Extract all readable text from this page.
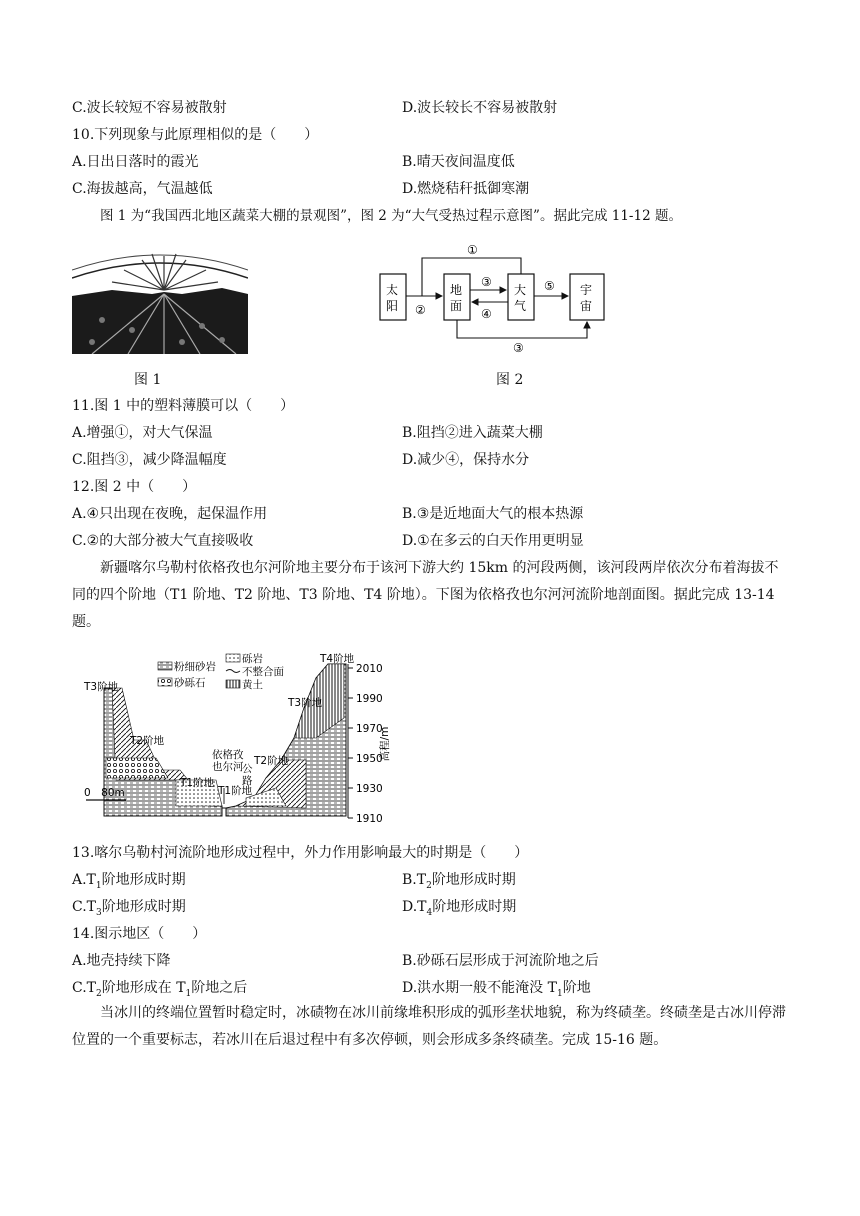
C.波长较短不容易被散射	D.波长较长不容易被散射
10.下列现象与此原理相似的是（　　）
A.日出日落时的霞光	B.晴天夜间温度低
C.海拔越高，气温越低	D.燃烧秸秆抵御寒潮
图 1 为“我国西北地区蔬菜大棚的景观图”，图 2 为“大气受热过程示意图”。据此完成 11-12 题。
图 1
太
阳
地
面
大
气
宇
宙
①
②
③
④
⑤
③
图 2
11.图 1 中的塑料薄膜可以（　　）
A.增强①，对大气保温	B.阻挡②进入蔬菜大棚
C.阻挡③，减少降温幅度	D.减少④，保持水分
12.图 2 中（　　）
A.④只出现在夜晚，起保温作用	B.③是近地面大气的根本热源
C.②的大部分被大气直接吸收	D.①在多云的白天作用更明显
新疆喀尔乌勒村依格孜也尔河阶地主要分布于该河下游大约 15km 的河段两侧，该河段两岸依次分布着海拔不同的四个阶地（T1 阶地、T2 阶地、T3 阶地、T4 阶地）。下图为依格孜也尔河河流阶地剖面图。据此完成 13-14 题。
粉细砂岩
砂砾石
砾岩
不整合面
黄土
T3阶地
T2阶地
T1阶地
依格孜
也尔河
公
路
T1阶地
T2阶地
T3阶地
T4阶地
0　80m
2010
1990
1970
1950
1930
1910
高程/m
13.喀尔乌勒村河流阶地形成过程中，外力作用影响最大的时期是（　　）
$A.T_1$阶地形成时期	$B.T_2$阶地形成时期
$C.T_3$阶地形成时期	$D.T_4$阶地形成时期
14.图示地区（　　）
A.地壳持续下降	B.砂砾石层形成于河流阶地之后
$C.T_2$阶地形成在 $T_1$阶地之后	D.洪水期一般不能淹没 $T_1$阶地
当冰川的终端位置暂时稳定时，冰碛物在冰川前缘堆积形成的弧形垄状地貌，称为终碛垄。终碛垄是古冰川停滞位置的一个重要标志，若冰川在后退过程中有多次停顿，则会形成多条终碛垄。完成 15-16 题。
